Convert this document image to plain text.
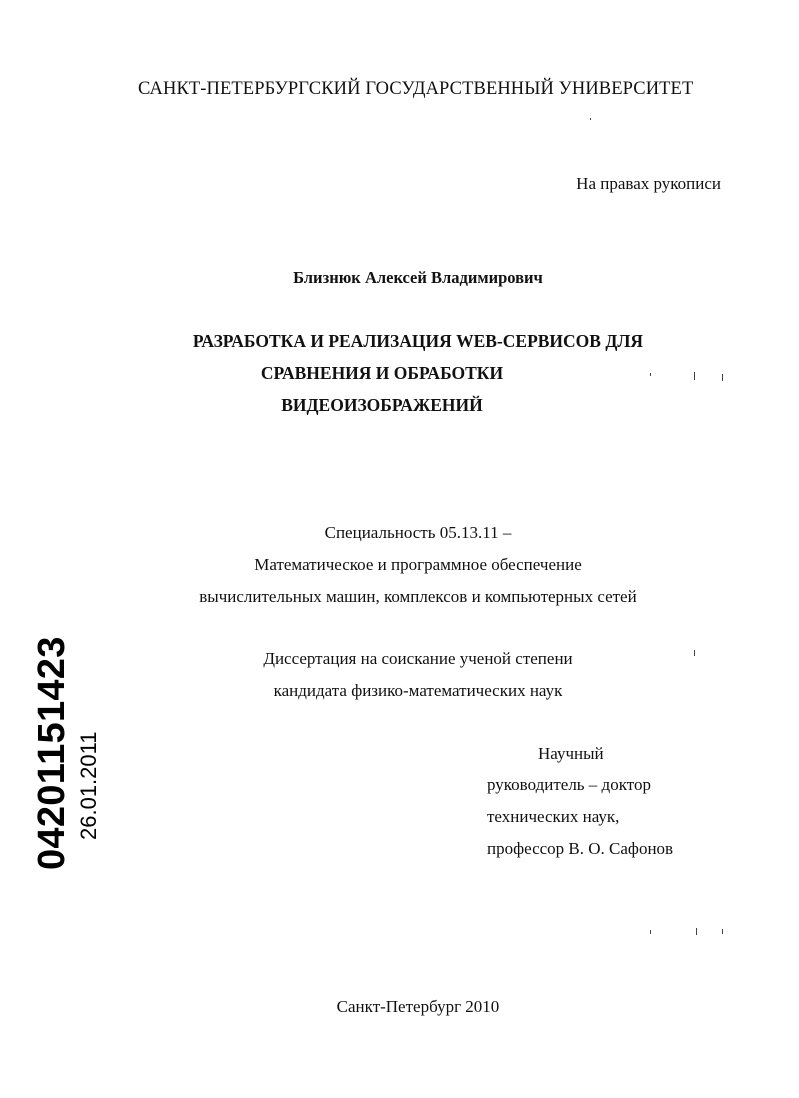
САНКТ-ПЕТЕРБУРГСКИЙ ГОСУДАРСТВЕННЫЙ УНИВЕРСИТЕТ
На правах рукописи
Близнюк Алексей Владимирович
РАЗРАБОТКА И РЕАЛИЗАЦИЯ WEB-СЕРВИСОВ ДЛЯ
СРАВНЕНИЯ И ОБРАБОТКИ
ВИДЕОИЗОБРАЖЕНИЙ
Специальность 05.13.11 –
Математическое и программное обеспечение
вычислительных машин, комплексов и компьютерных сетей
Диссертация на соискание ученой степени
кандидата физико-математических наук
Научный
руководитель – доктор
технических наук,
профессор В. О. Сафонов
Санкт-Петербург 2010
04201151423 26.01.2011
